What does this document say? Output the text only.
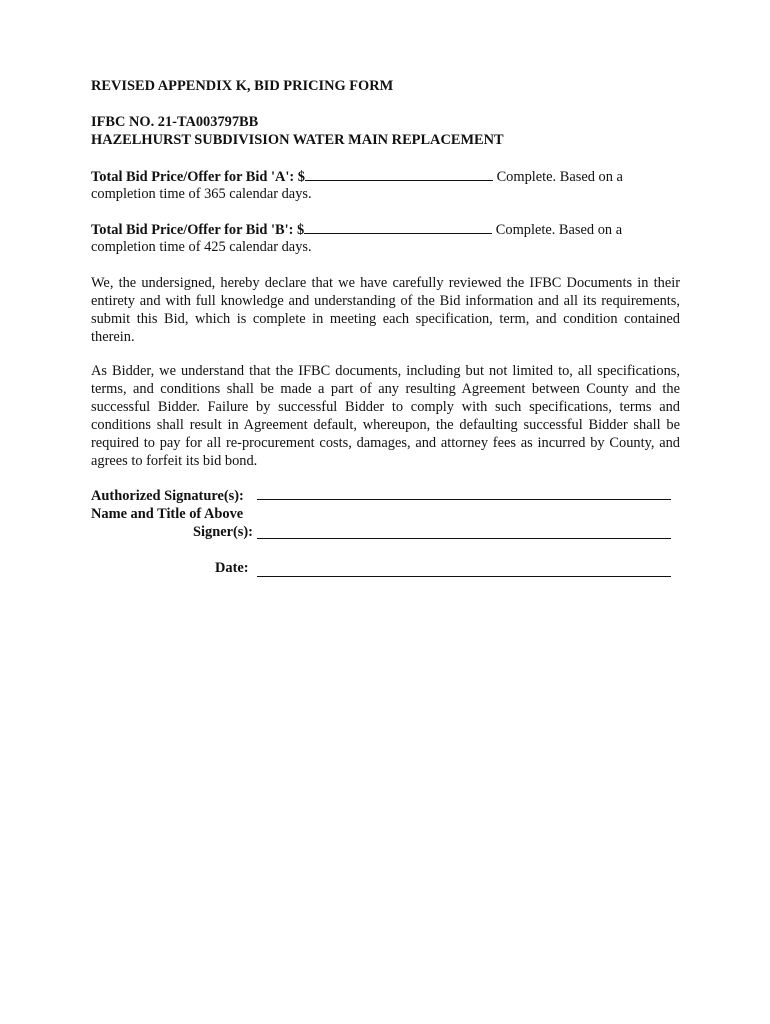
REVISED APPENDIX K, BID PRICING FORM
IFBC NO. 21-TA003797BB
HAZELHURST SUBDIVISION WATER MAIN REPLACEMENT
Total Bid Price/Offer for Bid 'A': $	Complete. Based on a
completion time of 365 calendar days.
Total Bid Price/Offer for Bid 'B': $	Complete. Based on a
completion time of 425 calendar days.

We, the undersigned, hereby declare that we have carefully reviewed the IFBC Documents in their entirety and with full knowledge and understanding of the Bid information and all its requirements, submit this Bid, which is complete in meeting each specification, term, and condition contained therein.

As Bidder, we understand that the IFBC documents, including but not limited to, all specifications, terms, and conditions shall be made a part of any resulting Agreement between County and the successful Bidder. Failure by successful Bidder to comply with such specifications, terms and conditions shall result in Agreement default, whereupon, the defaulting successful Bidder shall be required to pay for all re-procurement costs, damages, and attorney fees as incurred by County, and agrees to forfeit its bid bond.

Authorized Signature(s):
Name and Title of Above
Signer(s):
Date:
